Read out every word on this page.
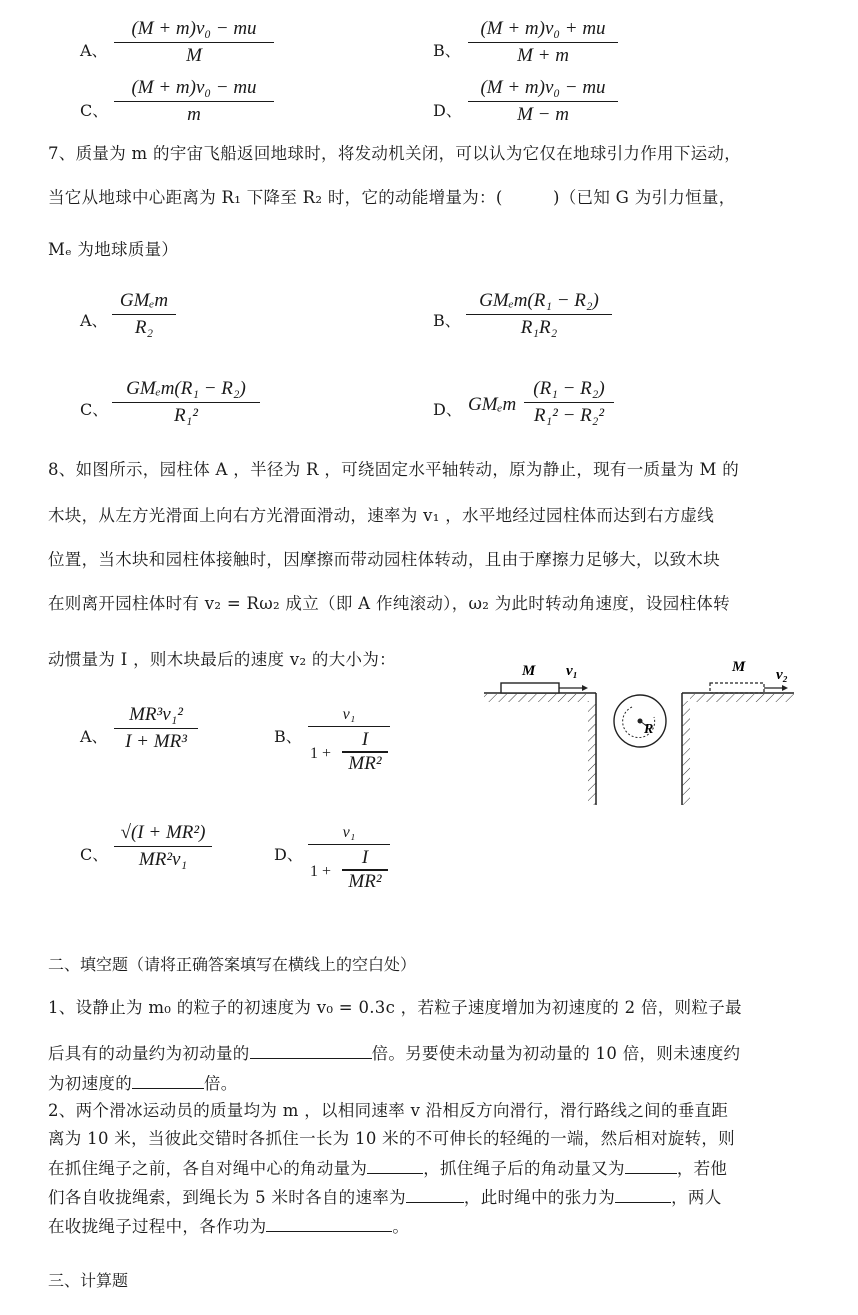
A、
(M + m)v₀ − mu
M	B、
(M + m)v₀ + mu
M + m
C、
(M + m)v₀ − mu
m	D、
(M + m)v₀ − mu
M − m
7、质量为 m 的宇宙飞船返回地球时，将发动机关闭，可以认为它仅在地球引力作用下运动，
当它从地球中心距离为 R₁ 下降至 R₂ 时，它的动能增量为：(　　　)（已知 G 为引力恒量，
Mₑ 为地球质量）
A、
GMₑm
R₂	B、
GMₑm(R₁ − R₂)
R₁R₂
C、
GMₑm(R₁ − R₂)
R₁²	D、 GMₑm
(R₁ − R₂)
R₁² − R₂²
8、如图所示，园柱体 A ，半径为 R ，可绕固定水平轴转动，原为静止，现有一质量为 M 的
木块，从左方光滑面上向右方光滑面滑动，速率为 v₁ ，水平地经过园柱体而达到右方虚线
位置，当木块和园柱体接触时，因摩擦而带动园柱体转动，且由于摩擦力足够大，以致木块
在则离开园柱体时有 v₂ = Rω₂ 成立（即 A 作纯滚动），ω₂ 为此时转动角速度，设园柱体转
动惯量为 I ，则木块最后的速度 v₂ 的大小为：
A、
MR³v₁²
I + MR³	B、
v₁
1 +
I
MR²
C、
√(I + MR²)
MR²v₁	D、
v₁
1 +
I
MR²
M v₁
R
M v₂
二、填空题（请将正确答案填写在横线上的空白处）
1、设静止为 m₀ 的粒子的初速度为 v₀ = 0.3c ，若粒子速度增加为初速度的 2 倍，则粒子最
后具有的动量约为初动量的	倍。另要使未动量为初动量的 10 倍，则未速度约
为初速度的	倍。
2、两个滑冰运动员的质量均为 m ，以相同速率 v 沿相反方向滑行，滑行路线之间的垂直距
离为 10 米，当彼此交错时各抓住一长为 10 米的不可伸长的轻绳的一端，然后相对旋转，则
在抓住绳子之前，各自对绳中心的角动量为	，抓住绳子后的角动量又为	，若他
们各自收拢绳索，到绳长为 5 米时各自的速率为	，此时绳中的张力为	，两人
在收拢绳子过程中，各作功为	。
三、计算题
